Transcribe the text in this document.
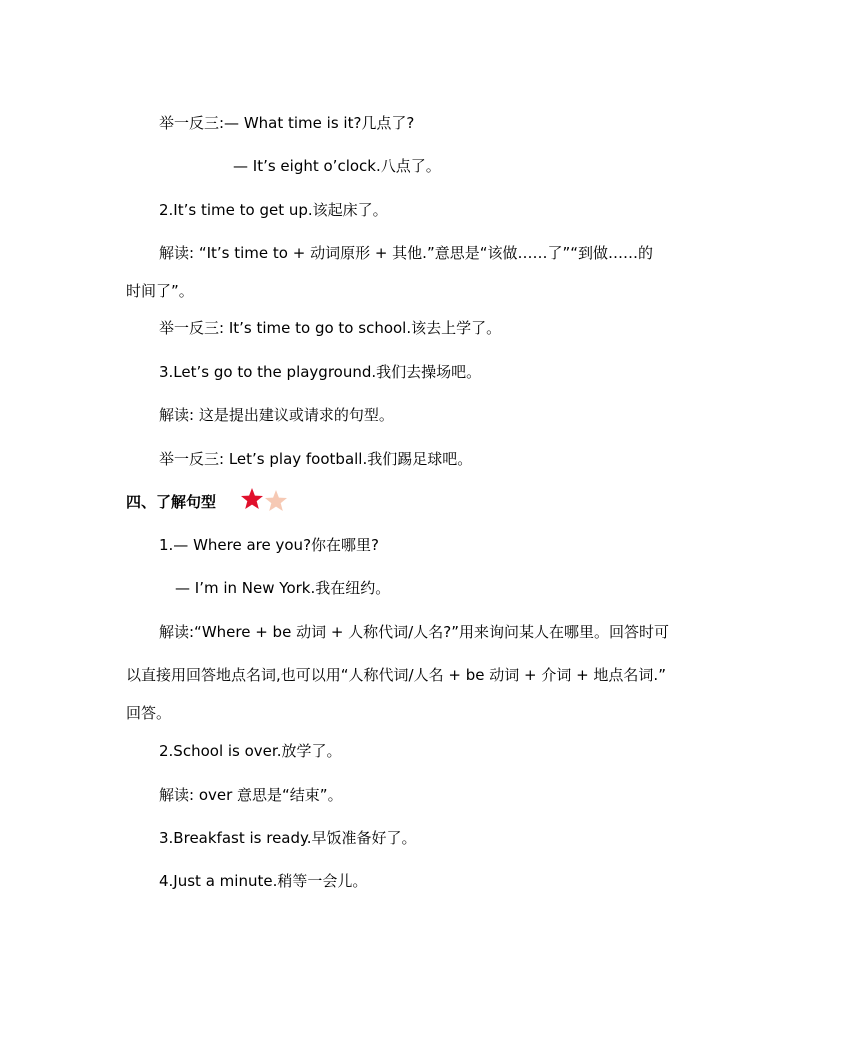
举一反三:— What time is it?几点了?
— It’s eight o’clock.八点了。
2.It’s time to get up.该起床了。
解读: “It’s time to + 动词原形 + 其他.”意思是“该做……了”“到做……的
时间了”。
举一反三: It’s time to go to school.该去上学了。
3.Let’s go to the playground.我们去操场吧。
解读: 这是提出建议或请求的句型。
举一反三: Let’s play football.我们踢足球吧。
四、了解句型
1.— Where are you?你在哪里?
— I’m in New York.我在纽约。
解读:“Where + be 动词 + 人称代词/人名?”用来询问某人在哪里。回答时可
以直接用回答地点名词,也可以用“人称代词/人名 + be 动词 + 介词 + 地点名词.”
回答。
2.School is over.放学了。
解读: over 意思是“结束”。
3.Breakfast is ready.早饭准备好了。
4.Just a minute.稍等一会儿。
